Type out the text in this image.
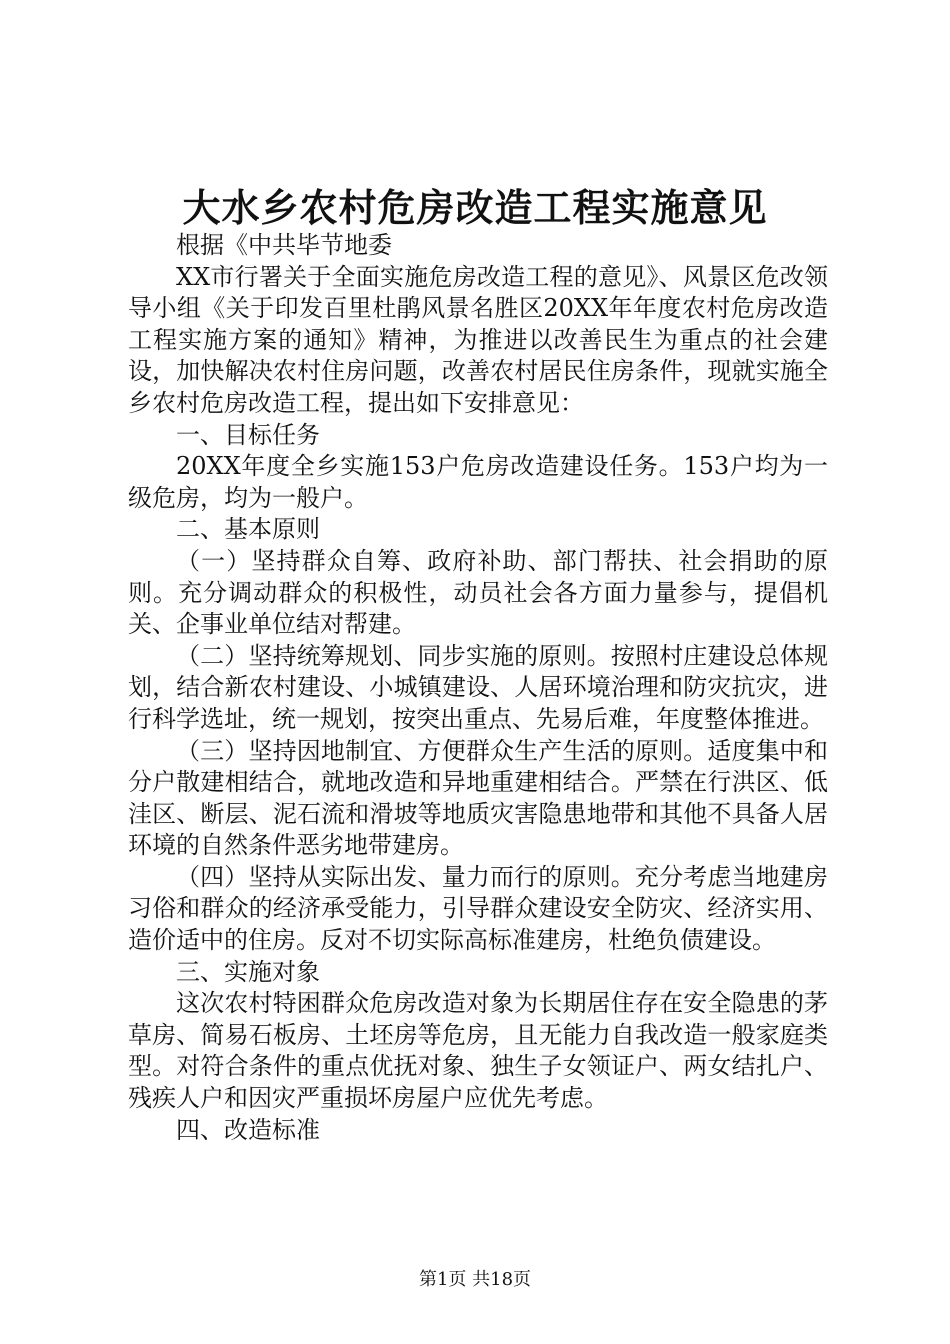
大水乡农村危房改造工程实施意见

根据《中共毕节地委

XX市行署关于全面实施危房改造工程的意见》、风景区危改领导小组《关于印发百里杜鹃风景名胜区20XX年年度农村危房改造工程实施方案的通知》精神，为推进以改善民生为重点的社会建设，加快解决农村住房问题，改善农村居民住房条件，现就实施全乡农村危房改造工程，提出如下安排意见：

一、目标任务

20XX年度全乡实施153户危房改造建设任务。153户均为一级危房，均为一般户。

二、基本原则

（一）坚持群众自筹、政府补助、部门帮扶、社会捐助的原则。充分调动群众的积极性，动员社会各方面力量参与，提倡机关、企事业单位结对帮建。

（二）坚持统筹规划、同步实施的原则。按照村庄建设总体规划，结合新农村建设、小城镇建设、人居环境治理和防灾抗灾，进行科学选址，统一规划，按突出重点、先易后难，年度整体推进。

（三）坚持因地制宜、方便群众生产生活的原则。适度集中和分户散建相结合，就地改造和异地重建相结合。严禁在行洪区、低洼区、断层、泥石流和滑坡等地质灾害隐患地带和其他不具备人居环境的自然条件恶劣地带建房。

（四）坚持从实际出发、量力而行的原则。充分考虑当地建房习俗和群众的经济承受能力，引导群众建设安全防灾、经济实用、造价适中的住房。反对不切实际高标准建房，杜绝负债建设。

三、实施对象

这次农村特困群众危房改造对象为长期居住存在安全隐患的茅草房、简易石板房、土坯房等危房，且无能力自我改造一般家庭类型。对符合条件的重点优抚对象、独生子女领证户、两女结扎户、残疾人户和因灾严重损坏房屋户应优先考虑。

四、改造标准

第1页 共18页
